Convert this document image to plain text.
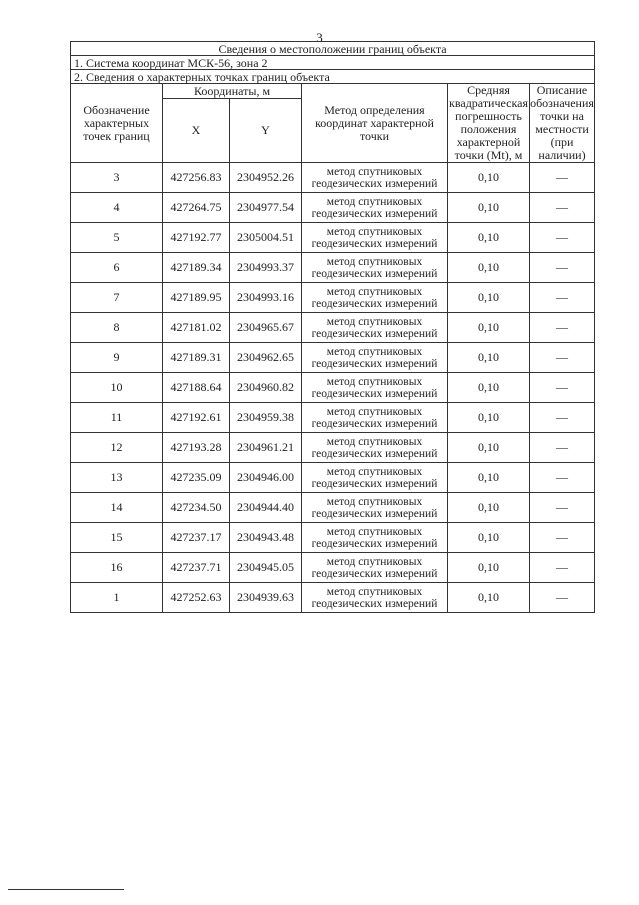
3
Сведения о местоположении границ объекта					
1. Система координат МСК-56, зона 2					
2. Сведения о характерных точках границ объекта					
Обозначение характерных точек границ	Координаты, м		Метод определения координат характерной точки	Средняя квадратическая погрешность положения характерной точки (Mt), м	Описание обозначения точки на местности (при наличии)
	X	Y			
3	427256.83	2304952.26	метод спутниковых геодезических измерений	0,10	—
4	427264.75	2304977.54	метод спутниковых геодезических измерений	0,10	—
5	427192.77	2305004.51	метод спутниковых геодезических измерений	0,10	—
6	427189.34	2304993.37	метод спутниковых геодезических измерений	0,10	—
7	427189.95	2304993.16	метод спутниковых геодезических измерений	0,10	—
8	427181.02	2304965.67	метод спутниковых геодезических измерений	0,10	—
9	427189.31	2304962.65	метод спутниковых геодезических измерений	0,10	—
10	427188.64	2304960.82	метод спутниковых геодезических измерений	0,10	—
11	427192.61	2304959.38	метод спутниковых геодезических измерений	0,10	—
12	427193.28	2304961.21	метод спутниковых геодезических измерений	0,10	—
13	427235.09	2304946.00	метод спутниковых геодезических измерений	0,10	—
14	427234.50	2304944.40	метод спутниковых геодезических измерений	0,10	—
15	427237.17	2304943.48	метод спутниковых геодезических измерений	0,10	—
16	427237.71	2304945.05	метод спутниковых геодезических измерений	0,10	—
1	427252.63	2304939.63	метод спутниковых геодезических измерений	0,10	—
